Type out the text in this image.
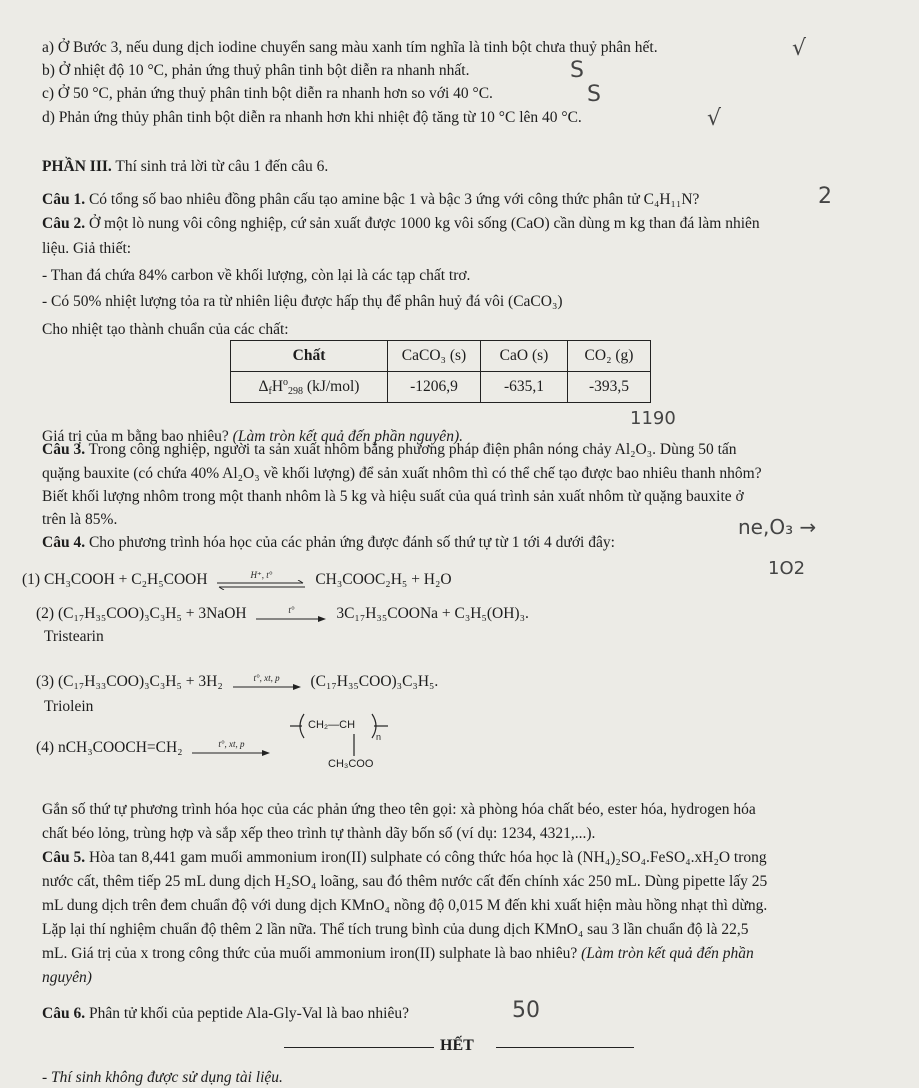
a) Ở Bước 3, nếu dung dịch iodine chuyển sang màu xanh tím nghĩa là tinh bột chưa thuỷ phân hết.
b) Ở nhiệt độ 10 °C, phản ứng thuỷ phân tinh bột diễn ra nhanh nhất.
c) Ở 50 °C, phản ứng thuỷ phân tinh bột diễn ra nhanh hơn so với 40 °C.
d) Phản ứng thủy phân tinh bột diễn ra nhanh hơn khi nhiệt độ tăng từ 10 °C lên 40 °C.
√
S
S
√
PHẦN III. Thí sinh trả lời từ câu 1 đến câu 6.
Câu 1. Có tổng số bao nhiêu đồng phân cấu tạo amine bậc 1 và bậc 3 ứng với công thức phân tử C₄H₁₁N?	2
Câu 2. Ở một lò nung vôi công nghiệp, cứ sản xuất được 1000 kg vôi sống (CaO) cần dùng m kg than đá làm nhiên
liệu. Giả thiết:
- Than đá chứa 84% carbon về khối lượng, còn lại là các tạp chất trơ.
- Có 50% nhiệt lượng tỏa ra từ nhiên liệu được hấp thụ để phân huỷ đá vôi (CaCO₃)
Cho nhiệt tạo thành chuẩn của các chất:
Chất	CaCO₃ (s)	CaO (s)	CO₂ (g)
$\Delta_fH^o_{298}$ (kJ/mol)	-1206,9	-635,1	-393,5
1190
Giá trị của m bằng bao nhiêu? (Làm tròn kết quả đến phần nguyên).
Câu 3. Trong công nghiệp, người ta sản xuất nhôm bằng phương pháp điện phân nóng chảy Al₂O₃. Dùng 50 tấn
quặng bauxite (có chứa 40% Al₂O₃ về khối lượng) để sản xuất nhôm thì có thể chế tạo được bao nhiêu thanh nhôm?
Biết khối lượng nhôm trong một thanh nhôm là 5 kg và hiệu suất của quá trình sản xuất nhôm từ quặng bauxite ở
trên là 85%.	ne,O₃ →
Câu 4. Cho phương trình hóa học của các phản ứng được đánh số thứ tự từ 1 tới 4 dưới đây:
1O2
(1) CH₃COOH + C₂H₅COOH	H⁺, t°	CH₃COOC₂H₅ + H₂O
(2) (C₁₇H₃₅COO)₃C₃H₅ + 3NaOH	t°	3C₁₇H₃₅COONa + C₃H₅(OH)₃.
Tristearin
(3) (C₁₇H₃₃COO)₃C₃H₅ + 3H₂	t°, xt, p	(C₁₇H₃₅COO)₃C₃H₅.
Triolein
(4) nCH₃COOCH=CH₂	t°, xt, p
CH₂—CH
n
CH₃COO
Gắn số thứ tự phương trình hóa học của các phản ứng theo tên gọi: xà phòng hóa chất béo, ester hóa, hydrogen hóa
chất béo lỏng, trùng hợp và sắp xếp theo trình tự thành dãy bốn số (ví dụ: 1234, 4321,...).
Câu 5. Hòa tan 8,441 gam muối ammonium iron(II) sulphate có công thức hóa học là (NH₄)₂SO₄.FeSO₄.xH₂O trong
nước cất, thêm tiếp 25 mL dung dịch H₂SO₄ loãng, sau đó thêm nước cất đến chính xác 250 mL. Dùng pipette lấy 25
mL dung dịch trên đem chuẩn độ với dung dịch KMnO₄ nồng độ 0,015 M đến khi xuất hiện màu hồng nhạt thì dừng.
Lặp lại thí nghiệm chuẩn độ thêm 2 lần nữa. Thể tích trung bình của dung dịch KMnO₄ sau 3 lần chuẩn độ là 22,5
mL. Giá trị của x trong công thức của muối ammonium iron(II) sulphate là bao nhiêu? (Làm tròn kết quả đến phần
nguyên)
Câu 6. Phân tử khối của peptide Ala-Gly-Val là bao nhiêu?	50
HẾT
- Thí sinh không được sử dụng tài liệu.
